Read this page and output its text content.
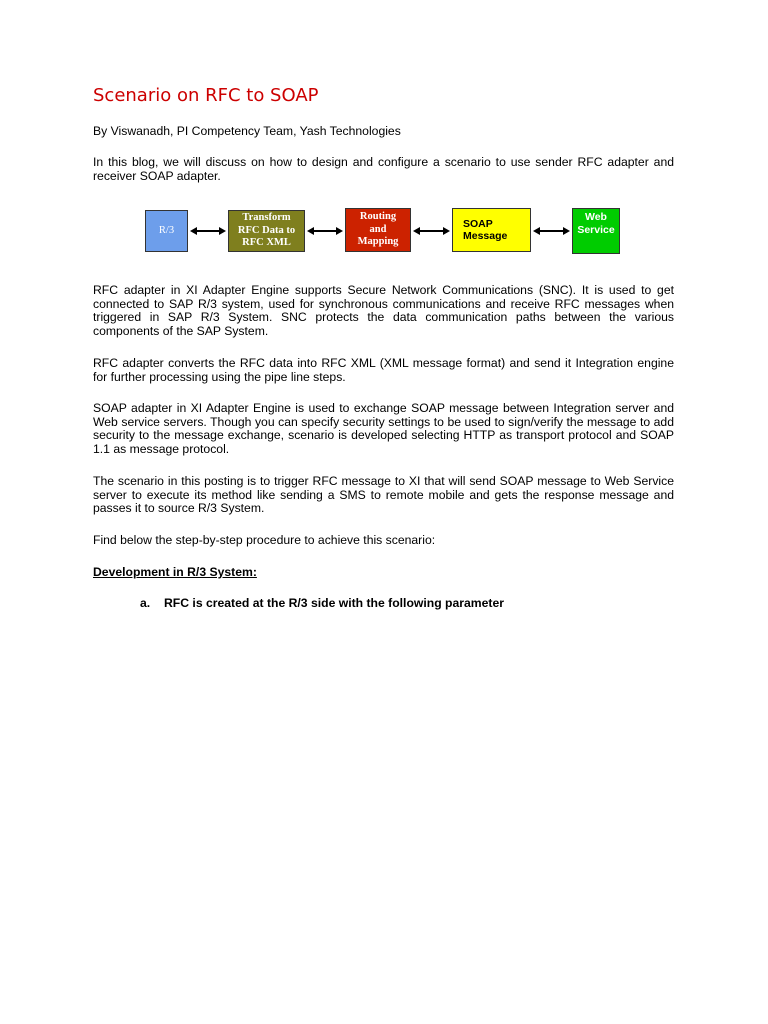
Scenario on RFC to SOAP

By Viswanadh, PI Competency Team, Yash Technologies

In this blog, we will discuss on how to design and configure a scenario to use sender RFC adapter and receiver SOAP adapter.

R/3
Transform
RFC Data to
RFC XML
Routing
and
Mapping
SOAP
Message
Web
Service

RFC adapter in XI Adapter Engine supports Secure Network Communications (SNC). It is used to get connected to SAP R/3 system, used for synchronous communications and receive RFC messages when triggered in SAP R/3 System. SNC protects the data communication paths between the various components of the SAP System.

RFC adapter converts the RFC data into RFC XML (XML message format) and send it Integration engine for further processing using the pipe line steps.

SOAP adapter in XI Adapter Engine is used to exchange SOAP message between Integration server and Web service servers. Though you can specify security settings to be used to sign/verify the message to add security to the message exchange, scenario is developed selecting HTTP as transport protocol and SOAP 1.1 as message protocol.

The scenario in this posting is to trigger RFC message to XI that will send SOAP message to Web Service server to execute its method like sending a SMS to remote mobile and gets the response message and passes it to source R/3 System.

Find below the step-by-step procedure to achieve this scenario:

Development in R/3 System:

a. RFC is created at the R/3 side with the following parameter
